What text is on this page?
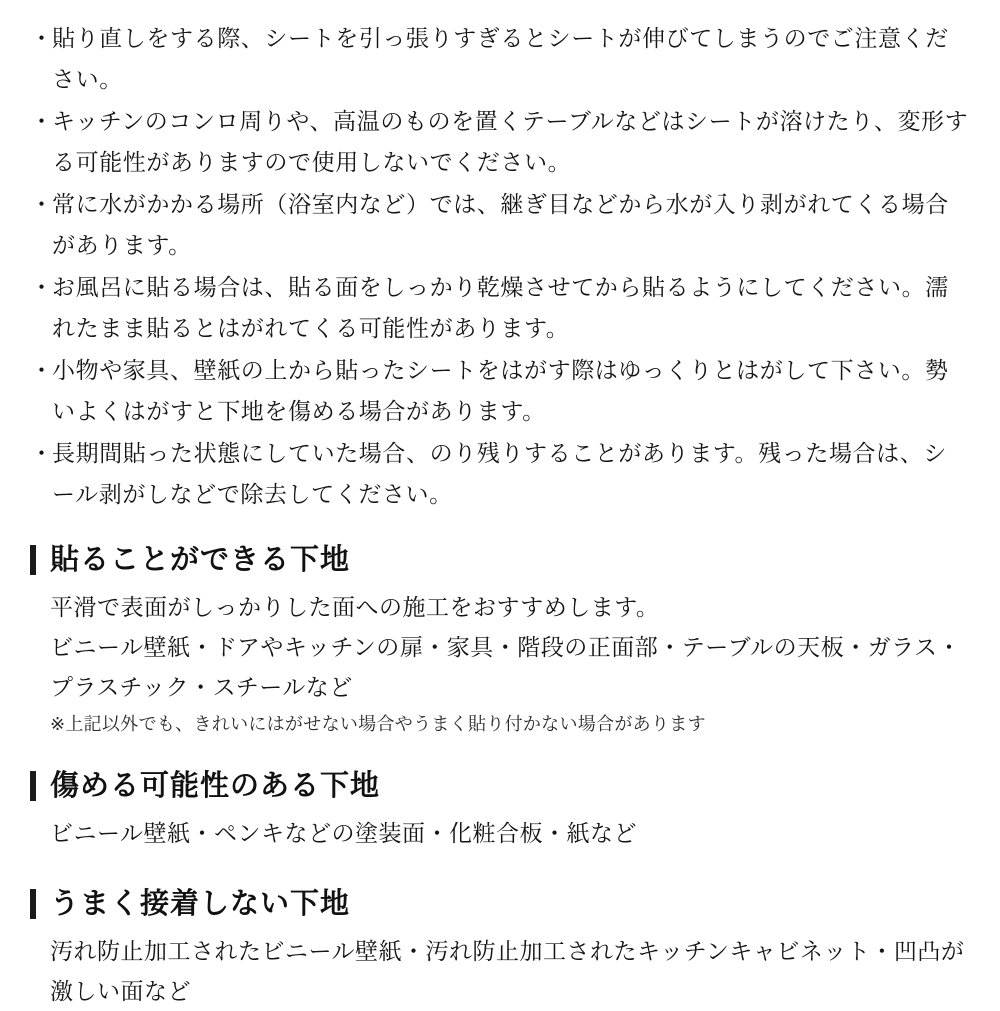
・
貼り直しをする際、シートを引っ張りすぎるとシートが伸びてしまうのでご注意ください。
・
キッチンのコンロ周りや、高温のものを置くテーブルなどはシートが溶けたり、変形する可能性がありますので使用しないでください。
・
常に水がかかる場所（浴室内など）では、継ぎ目などから水が入り剥がれてくる場合があります。
・
お風呂に貼る場合は、貼る面をしっかり乾燥させてから貼るようにしてください。濡れたまま貼るとはがれてくる可能性があります。
・
小物や家具、壁紙の上から貼ったシートをはがす際はゆっくりとはがして下さい。勢いよくはがすと下地を傷める場合があります。
・
長期間貼った状態にしていた場合、のり残りすることがあります。残った場合は、シール剥がしなどで除去してください。
貼ることができる下地
平滑で表面がしっかりした面への施工をおすすめします。
ビニール壁紙・ドアやキッチンの扉・家具・階段の正面部・テーブルの天板・ガラス・プラスチック・スチールなど
※上記以外でも、きれいにはがせない場合やうまく貼り付かない場合があります
傷める可能性のある下地
ビニール壁紙・ペンキなどの塗装面・化粧合板・紙など
うまく接着しない下地
汚れ防止加工されたビニール壁紙・汚れ防止加工されたキッチンキャビネット・凹凸が激しい面など
